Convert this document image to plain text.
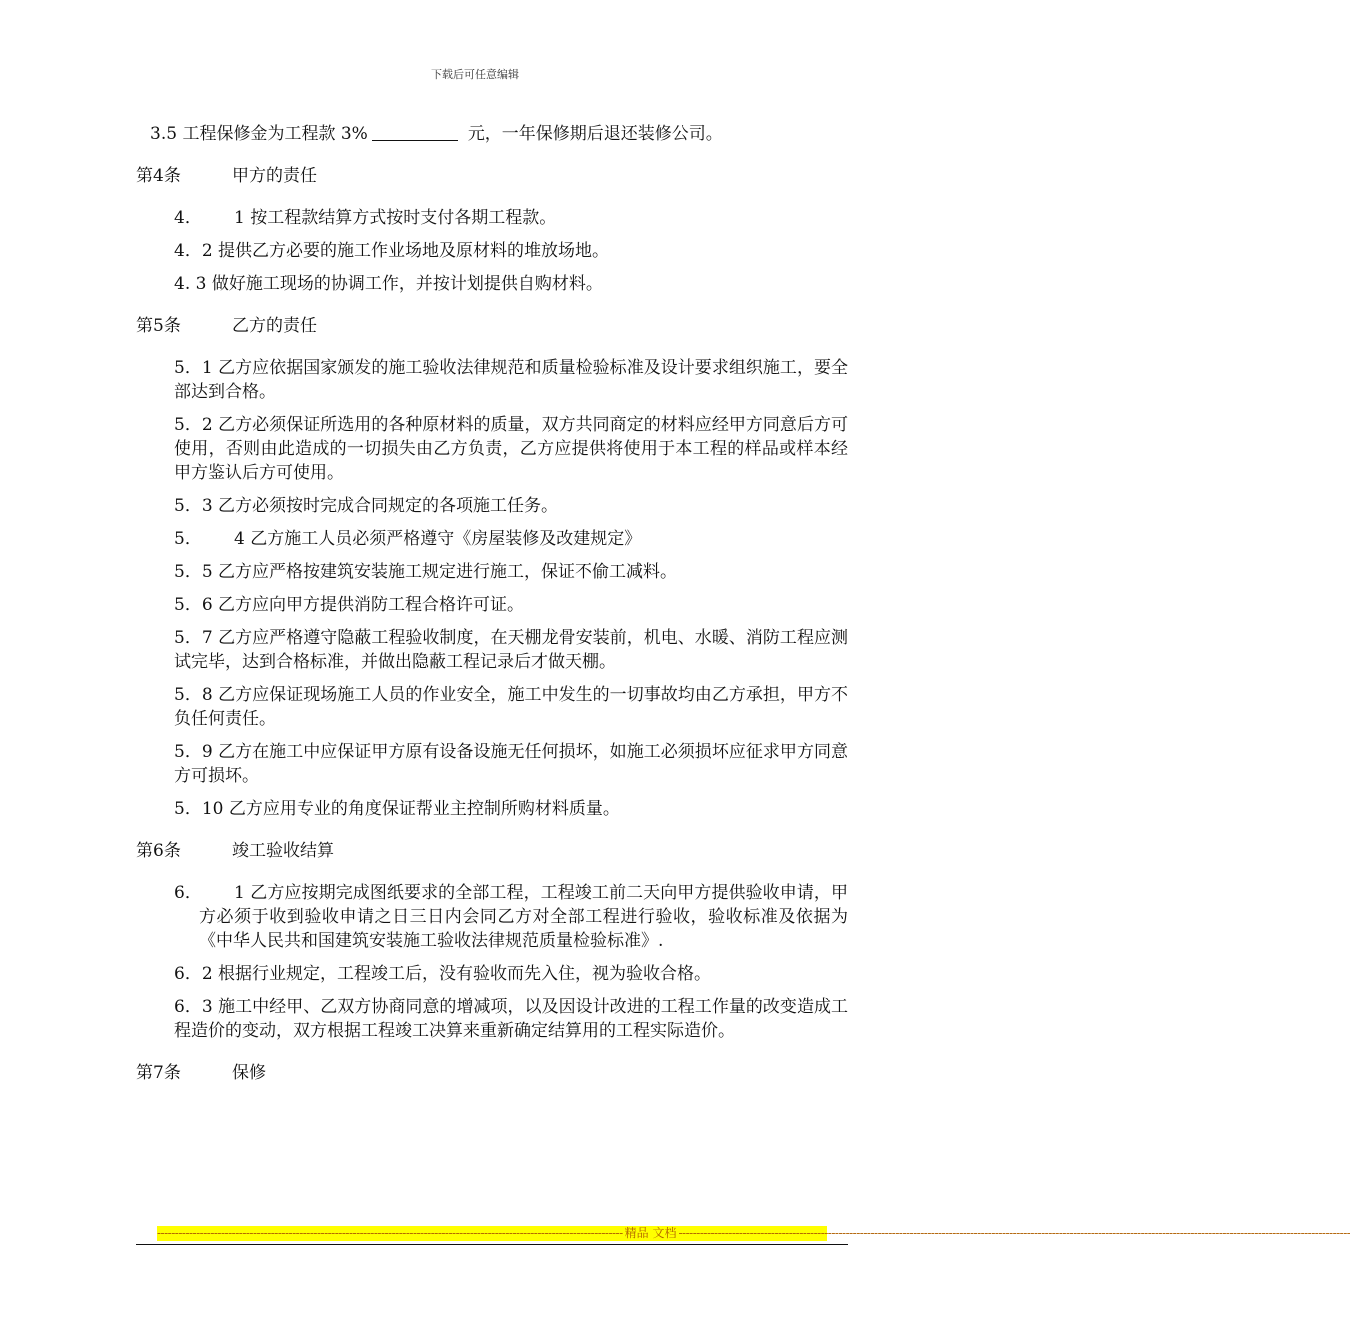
下载后可任意编辑

3.5 工程保修金为工程款 3%	元，一年保修期后退还装修公司。

第4条	甲方的责任
4．	1 按工程款结算方式按时支付各期工程款。
4．2 提供乙方必要的施工作业场地及原材料的堆放场地。
4. 3 做好施工现场的协调工作，并按计划提供自购材料。
第5条	乙方的责任
5．1 乙方应依据国家颁发的施工验收法律规范和质量检验标准及设计要求组织施工，要全部达到合格。
5．2 乙方必须保证所选用的各种原材料的质量，双方共同商定的材料应经甲方同意后方可使用，否则由此造成的一切损失由乙方负责，乙方应提供将使用于本工程的样品或样本经甲方鉴认后方可使用。
5．3 乙方必须按时完成合同规定的各项施工任务。
5．	4 乙方施工人员必须严格遵守《房屋装修及改建规定》
5．5 乙方应严格按建筑安装施工规定进行施工，保证不偷工减料。
5．6 乙方应向甲方提供消防工程合格许可证。
5．7 乙方应严格遵守隐蔽工程验收制度，在天棚龙骨安装前，机电、水暖、消防工程应测试完毕，达到合格标准，并做出隐蔽工程记录后才做天棚。
5．8 乙方应保证现场施工人员的作业安全，施工中发生的一切事故均由乙方承担，甲方不负任何责任。
5．9 乙方在施工中应保证甲方原有设备设施无任何损坏，如施工必须损坏应征求甲方同意方可损坏。
5．10 乙方应用专业的角度保证帮业主控制所购材料质量。
第6条	竣工验收结算
6．	1 乙方应按期完成图纸要求的全部工程，工程竣工前二天向甲方提供验收申请，甲方必须于收到验收申请之日三日内会同乙方对全部工程进行验收，验收标准及依据为《中华人民共和国建筑安装施工验收法律规范质量检验标准》.
6．2 根据行业规定，工程竣工后，没有验收而先入住，视为验收合格。
6．3 施工中经甲、乙双方协商同意的增减项，以及因设计改进的工程工作量的改变造成工程造价的变动，双方根据工程竣工决算来重新确定结算用的工程实际造价。
第7条	保修
----------------------------------------------------------------------------------------------------------------------------------- 精品 文档 ---------------------------------------------------------------------------------------------------------------------------------------------------------------------------------------------
